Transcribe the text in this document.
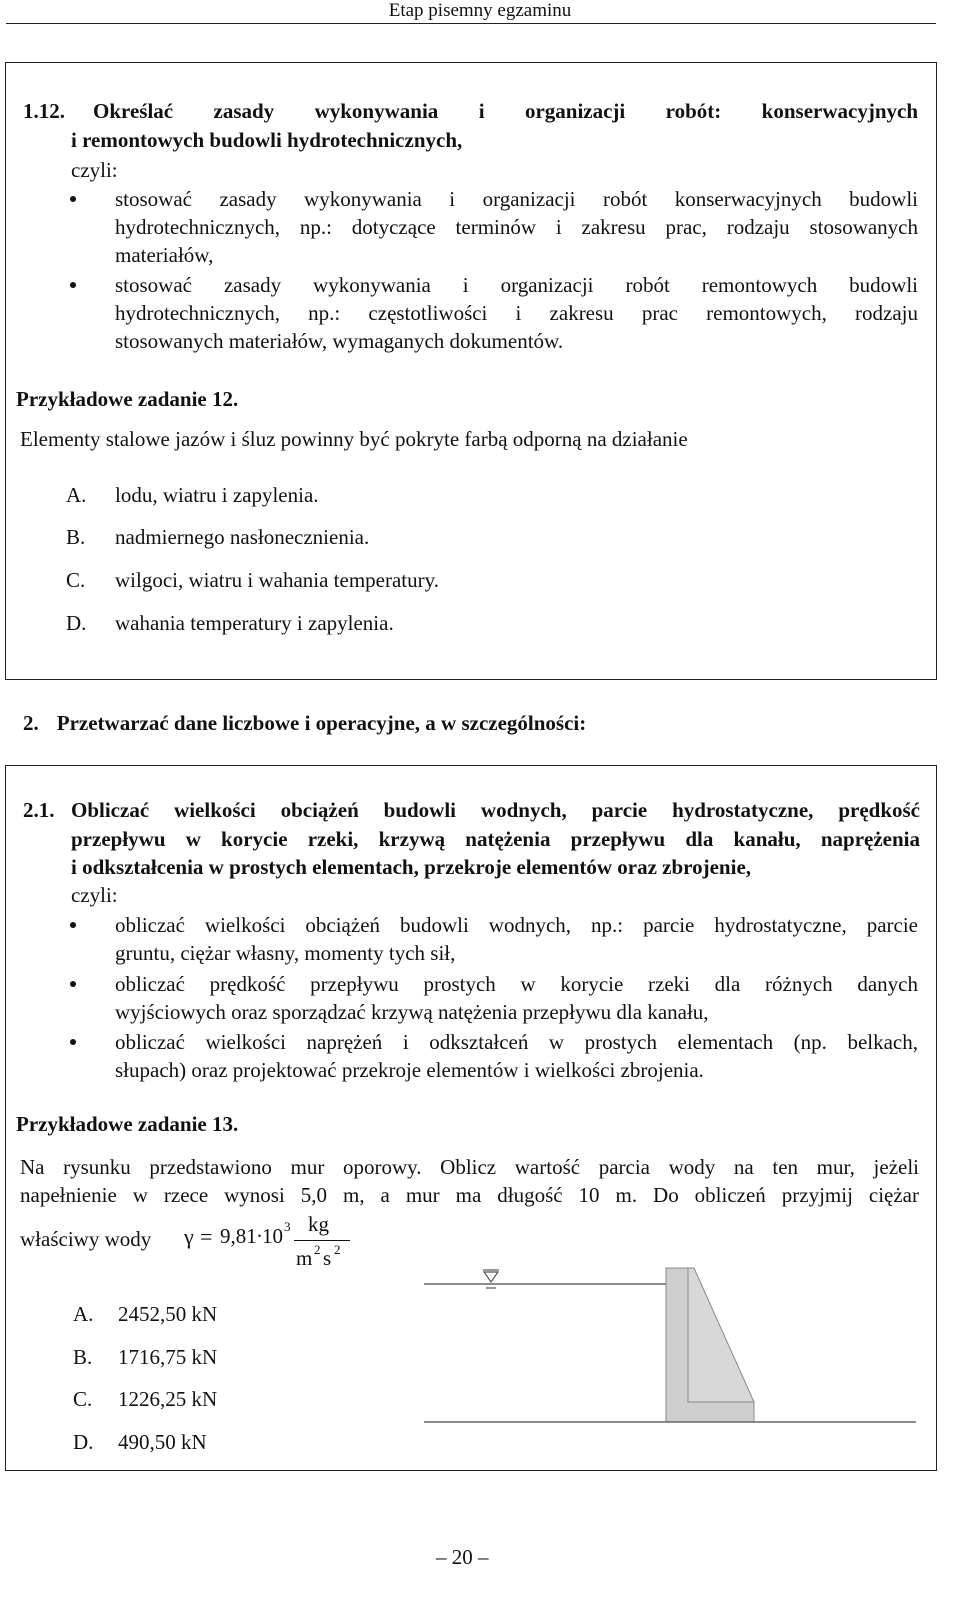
Etap pisemny egzaminu
1.12. Określać zasady wykonywania i organizacji robót: konserwacyjnych
i remontowych budowli hydrotechnicznych,
czyli:
stosować zasady wykonywania i organizacji robót konserwacyjnych budowli
hydrotechnicznych, np.: dotyczące terminów i zakresu prac, rodzaju stosowanych
materiałów,
stosować zasady wykonywania i organizacji robót remontowych budowli
hydrotechnicznych, np.: częstotliwości i zakresu prac remontowych, rodzaju
stosowanych materiałów, wymaganych dokumentów.
Przykładowe zadanie 12.
Elementy stalowe jazów i śluz powinny być pokryte farbą odporną na działanie
A. lodu, wiatru i zapylenia.
B. nadmiernego nasłonecznienia.
C. wilgoci, wiatru i wahania temperatury.
D. wahania temperatury i zapylenia.
2. Przetwarzać dane liczbowe i operacyjne, a w szczególności:
2.1. Obliczać wielkości obciążeń budowli wodnych, parcie hydrostatyczne, prędkość
przepływu w korycie rzeki, krzywą natężenia przepływu dla kanału, naprężenia
i odkształcenia w prostych elementach, przekroje elementów oraz zbrojenie,
czyli:
obliczać wielkości obciążeń budowli wodnych, np.: parcie hydrostatyczne, parcie
gruntu, ciężar własny, momenty tych sił,
obliczać prędkość przepływu prostych w korycie rzeki dla różnych danych
wyjściowych oraz sporządzać krzywą natężenia przepływu dla kanału,
obliczać wielkości naprężeń i odkształceń w prostych elementach (np. belkach,
słupach) oraz projektować przekroje elementów i wielkości zbrojenia.
Przykładowe zadanie 13.
Na rysunku przedstawiono mur oporowy. Oblicz wartość parcia wody na ten mur, jeżeli
napełnienie w rzece wynosi 5,0 m, a mur ma długość 10 m. Do obliczeń przyjmij ciężar
właściwy wody γ = 9,81 · 10 3 kg
m 2 s 2
A. 2452,50 kN
B. 1716,75 kN
C. 1226,25 kN
D. 490,50 kN
– 20 –
